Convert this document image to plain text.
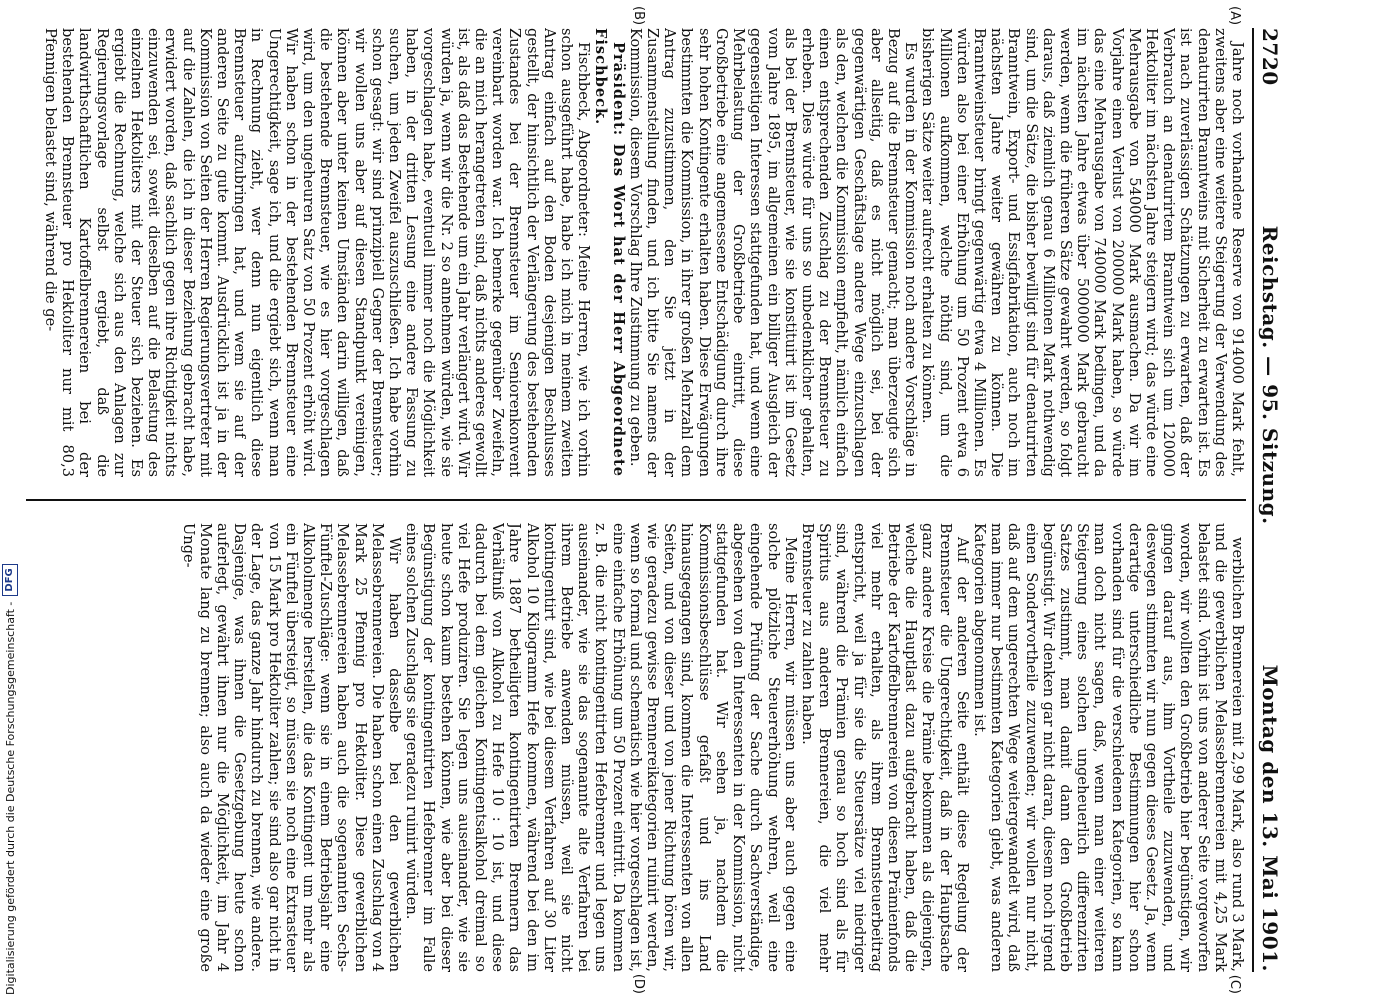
2720
Reichstag. — 95. Sitzung.
Montag den 13. Mai 1901.

Jahre noch vorhandene Reserve von 914000 Mark fehlt, zweitens aber eine weitere Steigerung der Verwendung des denaturirten Branntweins mit Sicherheit zu erwarten ist. Es ist nach zuverlässigen Schätzungen zu erwarten, daß der Verbrauch an denaturirtem Branntwein sich um 120000 Hektoliter im nächsten Jahre steigern wird; das würde eine Mehrausgabe von 540000 Mark ausmachen. Da wir im Vorjahre einen Verlust von 200000 Mark haben, so würde das eine Mehrausgabe von 740000 Mark bedingen, und da im nächsten Jahre etwas über 5000000 Mark gebraucht werden, wenn die früheren Sätze gewahrt werden, so folgt daraus, daß ziemlich genau 6 Millionen Mark nothwendig sind, um die Sätze, die bisher bewilligt sind für denaturirten Branntwein, Export- und Essigfabrikation, auch noch im nächsten Jahre weiter gewähren zu können. Die Branntweinsteuer bringt gegenwärtig etwa 4 Millionen. Es würden also bei einer Erhöhung um 50 Prozent etwa 6 Millionen aufkommen, welche nöthig sind, um die bisherigen Sätze weiter aufrecht erhalten zu können.

Es wurden in der Kommission noch andere Vorschläge in Bezug auf die Brennsteuer gemacht; man überzeugte sich aber allseitig, daß es nicht möglich sei, bei der gegenwärtigen Geschäftslage andere Wege einzuschlagen als den, welchen die Kommission empfiehlt, nämlich einfach einen entsprechenden Zuschlag zu der Brennsteuer zu erheben. Dies würde für uns so unbedenklicher gehalten, als bei der Brennsteuer, wie sie konstituirt ist im Gesetz vom Jahre 1895, im allgemeinen ein billiger Ausgleich der gegenseitigen Interessen stattgefunden hat, und wenn eine Mehrbelastung der Großbetriebe eintritt, diese Großbetriebe eine angemessene Entschädigung durch ihre sehr hohen Kontingente erhalten haben. Diese Erwägungen bestimmten die Kommission, in ihrer großen Mehrzahl dem Antrag zuzustimmen, den Sie jetzt in der Zusammenstellung finden, und ich bitte Sie namens der Kommission, diesem Vorschlag Ihre Zustimmung zu geben.

Präsident: Das Wort hat der Herr Abgeordnete Fischbeck.

Fischbeck, Abgeordneter: Meine Herren, wie ich vorhin schon ausgeführt habe, habe ich mich in meinem zweiten Antrag einfach auf den Boden desjenigen Beschlusses gestellt, der hinsichtlich der Verlängerung des bestehenden Zustandes bei der Brennsteuer im Seniorenkonvent vereinbart worden war. Ich bemerke gegenüber Zweifeln, die an mich herangetreten sind, daß nichts anderes gewollt ist, als daß das Bestehende um ein Jahr verlängert wird. Wir würden ja, wenn wir die Nr. 2 so annehmen würden, wie sie vorgeschlagen habe, eventuell immer noch die Möglichkeit haben, in der dritten Lesung eine andere Fassung zu suchen, um jeden Zweifel auszuschließen. Ich habe vorhin schon gesagt: wir sind prinzipiell Gegner der Brennsteuer; wir wollen uns aber auf diesen Standpunkt vereinigen, können aber unter keinen Umständen darin willigen, daß die bestehende Brennsteuer, wie es hier vorgeschlagen wird, um den ungeheuren Satz von 50 Prozent erhöht wird. Wir haben schon in der bestehenden Brennsteuer eine Ungerechtigkeit, sage ich, und die ergiebt sich, wenn man in Rechnung zieht, wer denn nun eigentlich diese Brennsteuer aufzubringen hat, und wem sie auf der anderen Seite zu gute kommt. Ausdrücklich ist ja in der Kommission von Seiten der Herren Regierungsvertreter mit auf die Zahlen, die ich in dieser Beziehung gebracht habe, erwidert worden, daß sachlich gegen ihre Richtigkeit nichts einzuwenden sei, soweit dieselben auf die Belastung des einzelnen Hektoliters mit der Steuer sich beziehen. Es ergiebt die Rechnung, welche sich aus den Anlagen zur Regierungsvorlage selbst ergiebt, daß die landwirthschaftlichen Kartoffelbrennereien bei der bestehenden Brennsteuer pro Hektoliter nur mit 80,3 Pfennigen belastet sind, während die ge-

werblichen Brennereien mit 2,99 Mark, also rund 3 Mark, und die gewerblichen Melassebrennereien mit 4,25 Mark belastet sind. Vorhin ist uns von anderer Seite vorgeworfen worden, wir wollten den Großbetrieb hier begünstigen, wir gingen darauf aus, ihm Vortheile zuzuwenden, und deswegen stimmten wir nun gegen dieses Gesetz. Ja, wenn derartige unterschiedliche Bestimmungen hier schon vorhanden sind für die verschiedenen Kategorien, so kann man doch nicht sagen, daß, wenn man einer weiteren Steigerung eines solchen ungeheuerlich differenzirten Satzes zustimmt, man damit dann den Großbetrieb begünstigt. Wir denken gar nicht daran, diesem noch irgend einen Sondervortheile zuzuwenden; wir wollen nur nicht, daß auf dem ungerechten Wege weitergewandelt wird, daß man immer nur bestimmten Kategorien giebt, was anderen Kategorien abgenommen ist.

Auf der anderen Seite enthält diese Regelung der Brennsteuer die Ungerechtigkeit, daß in der Hauptsache ganz andere Kreise die Prämie bekommen als diejenigen, welche die Hauptlast dazu aufgebracht haben, daß die Betriebe der Kartoffelbrennereien von diesen Prämienfonds viel mehr erhalten, als ihrem Brennsteuerbeitrag entspricht, weil ja für sie die Steuersätze viel niedriger sind, während die Prämien genau so hoch sind als für Spiritus aus anderen Brennereien, die viel mehr Brennsteuer zu zahlen haben.

Meine Herren, wir müssen uns aber auch gegen eine solche plötzliche Steuererhöhung wehren, weil eine eingehende Prüfung der Sache durch Sachverständige, abgesehen von den Interessenten in der Kommission, nicht stattgefunden hat. Wir sehen ja, nachdem die Kommissionsbeschlüsse gefaßt und ins Land hinausgegangen sind, kommen die Interessenten von allen Seiten, und von dieser und von jener Richtung hören wir, wie geradezu gewisse Brennereikategorien ruinirt werden, wenn so formal und schematisch wie hier vorgeschlagen ist, eine einfache Erhöhung um 50 Prozent eintritt. Da kommen z. B. die nicht kontingentirten Hefebrenner und legen uns auseinander, wie sie das sogenannte alte Verfahren bei ihrem Betriebe anwenden müssen, weil sie nicht kontingentirt sind, wie bei diesem Verfahren auf 30 Liter Alkohol 10 Kilogramm Hefe kommen, während bei den im Jahre 1887 betheiligten kontingentirten Brennern das Verhältniß von Alkohol zu Hefe 10 : 10 ist, und diese dadurch bei dem gleichen Kontingentsalkohol dreimal so viel Hefe produziren. Sie legen uns auseinander, wie sie heute schon kaum bestehen können, wie aber bei dieser Begünstigung der kontingentirten Hefebrenner im Falle eines solchen Zuschlags sie geradezu ruinirt würden.

Wir haben dasselbe bei den gewerblichen Melassebrennereien. Die haben schon einen Zuschlag von 4 Mark 25 Pfennig pro Hektoliter. Diese gewerblichen Melassebrennereien haben auch die sogenannten Sechs-Fünftel-Zuschläge: wenn sie in einem Betriebsjahr eine Alkoholmenge herstellen, die das Kontingent um mehr als ein Fünftel übersteigt, so müssen sie noch eine Extrasteuer von 15 Mark pro Hektoliter zahlen; sie sind also gar nicht in der Lage, das ganze Jahr hindurch zu brennen, wie andere. Dasjenige, was ihnen die Gesetzgebung heute schon auferlegt, gewährt ihnen nur die Möglichkeit, im Jahr 4 Monate lang zu brennen; also auch da wieder eine große Unge-

(A)
(B)
(C)
(D)
Digitalisierung gefördert durch die Deutsche Forschungsgemeinschaft -
DFG
